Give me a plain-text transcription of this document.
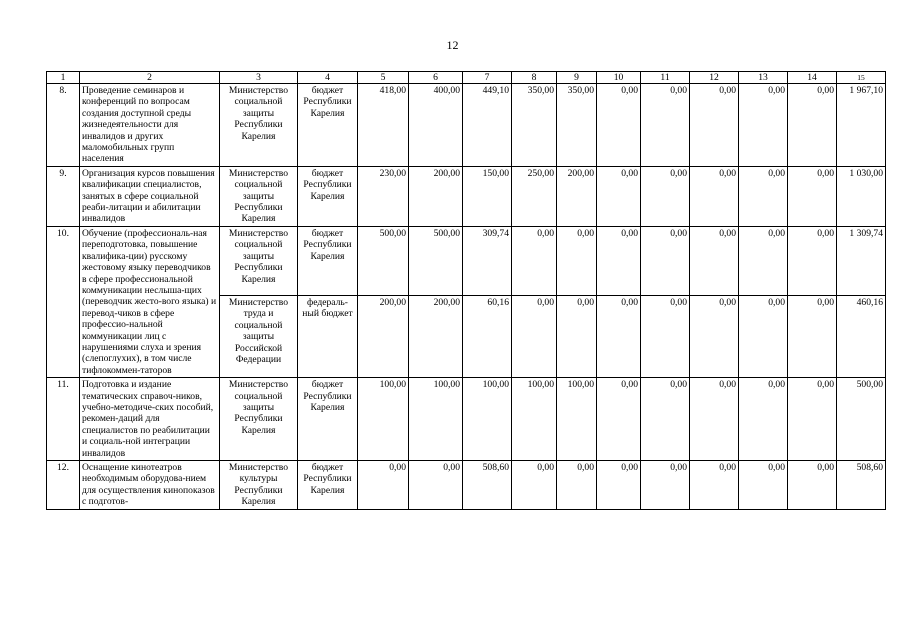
12
1	2	3	4	5	6	7	8	9	10	11	12	13	14	15
8.	Проведение семинаров и конференций по вопросам создания доступной среды жизнедеятельности для инвалидов и других маломобильных групп населения	Министерство социальной защиты Республики Карелия	бюджет Республики Карелия	418,00	400,00	449,10	350,00	350,00	0,00	0,00	0,00	0,00	0,00	1 967,10
9.	Организация курсов повышения квалификации специалистов, занятых в сфере социальной реаби-литации и абилитации инвалидов	Министерство социальной защиты Республики Карелия	бюджет Республики Карелия	230,00	200,00	150,00	250,00	200,00	0,00	0,00	0,00	0,00	0,00	1 030,00
10.	Обучение (профессиональ-ная переподготовка, повышение квалифика-ции) русскому жестовому языку переводчиков в сфере профессиональной коммуникации неслыша-щих (переводчик жесто-вого языка) и перевод-чиков в сфере профессио-нальной коммуникации лиц с нарушениями слуха и зрения (слепоглухих), в том числе тифлокоммен-таторов	Министерство социальной защиты Республики Карелия	бюджет Республики Карелия	500,00	500,00	309,74	0,00	0,00	0,00	0,00	0,00	0,00	0,00	1 309,74
		Министерство труда и социальной защиты Российской Федерации	федераль-ный бюджет	200,00	200,00	60,16	0,00	0,00	0,00	0,00	0,00	0,00	0,00	460,16
11.	Подготовка и издание тематических справоч-ников, учебно-методиче-ских пособий, рекомен-даций для специалистов по реабилитации и социаль-ной интеграции инвалидов	Министерство социальной защиты Республики Карелия	бюджет Республики Карелия	100,00	100,00	100,00	100,00	100,00	0,00	0,00	0,00	0,00	0,00	500,00
12.	Оснащение кинотеатров необходимым оборудова-нием для осуществления кинопоказов с подготов-	Министерство культуры Республики Карелия	бюджет Республики Карелия	0,00	0,00	508,60	0,00	0,00	0,00	0,00	0,00	0,00	0,00	508,60
